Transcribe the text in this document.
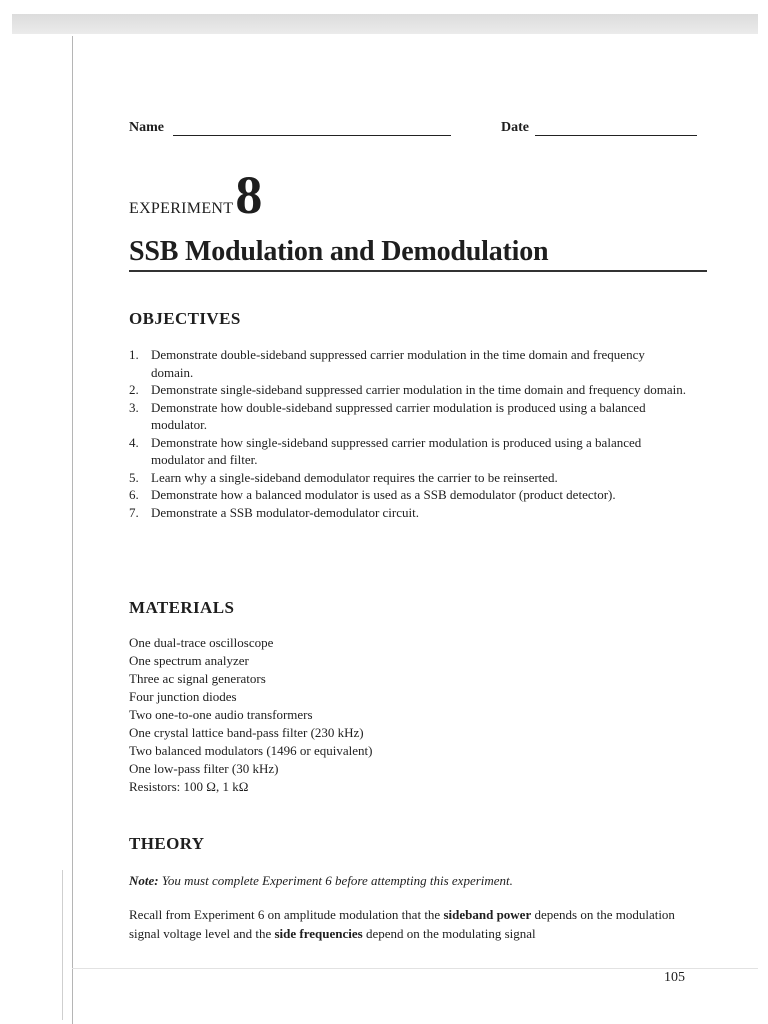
Name	Date
EXPERIMENT8
SSB Modulation and Demodulation
OBJECTIVES
1. Demonstrate double-sideband suppressed carrier modulation in the time domain and frequency domain.
2. Demonstrate single-sideband suppressed carrier modulation in the time domain and frequency domain.
3. Demonstrate how double-sideband suppressed carrier modulation is produced using a balanced modulator.
4. Demonstrate how single-sideband suppressed carrier modulation is produced using a balanced modulator and filter.
5. Learn why a single-sideband demodulator requires the carrier to be reinserted.
6. Demonstrate how a balanced modulator is used as a SSB demodulator (product detector).
7. Demonstrate a SSB modulator-demodulator circuit.
MATERIALS
One dual-trace oscilloscope
One spectrum analyzer
Three ac signal generators
Four junction diodes
Two one-to-one audio transformers
One crystal lattice band-pass filter (230 kHz)
Two balanced modulators (1496 or equivalent)
One low-pass filter (30 kHz)
Resistors: 100 Ω, 1 kΩ
THEORY
Note: You must complete Experiment 6 before attempting this experiment.
Recall from Experiment 6 on amplitude modulation that the sideband power depends on the modulation signal voltage level and the side frequencies depend on the modulating signal
105
